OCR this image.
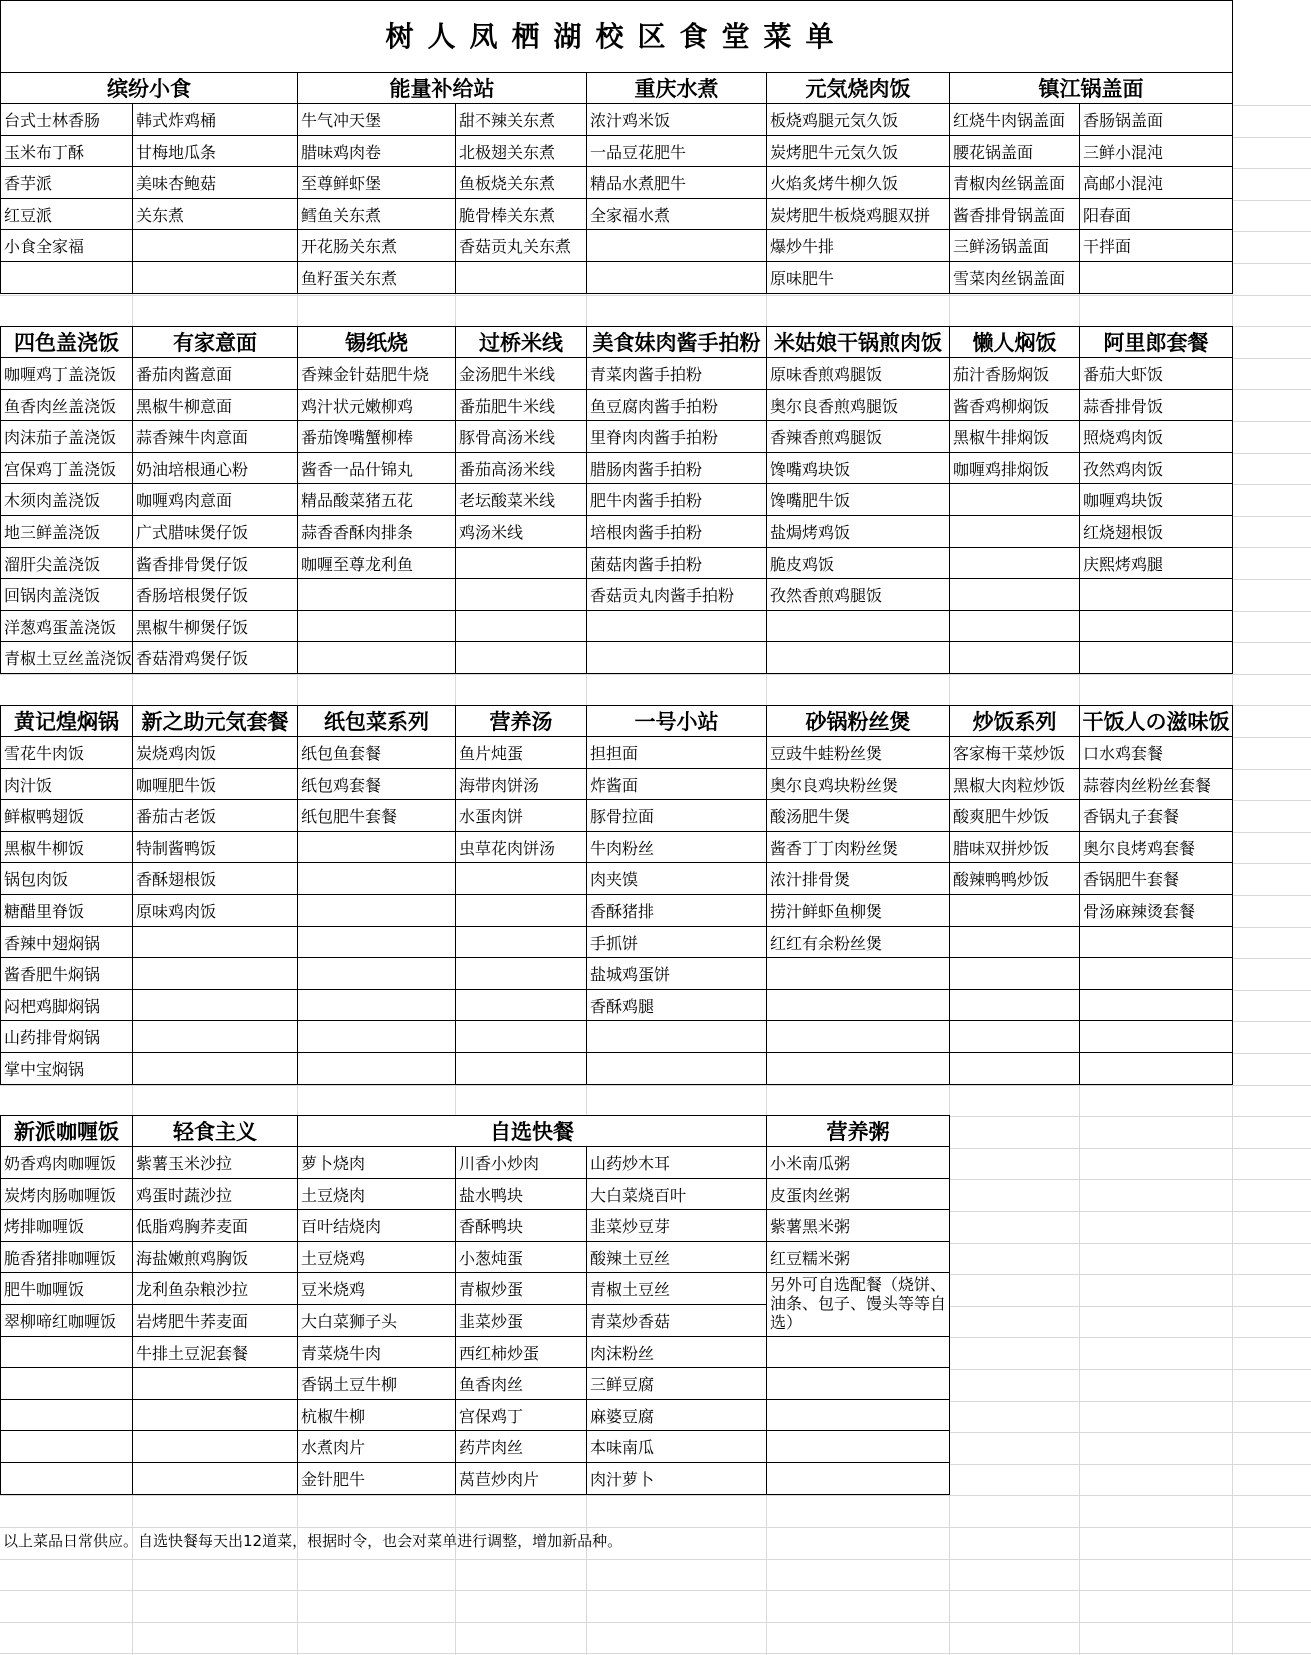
缤纷小食
台式士林香肠
玉米布丁酥
香芋派
红豆派
小食全家福
韩式炸鸡桶
甘梅地瓜条
美味杏鲍菇
关东煮
能量补给站
牛气冲天堡
腊味鸡肉卷
至尊鲜虾堡
鳕鱼关东煮
开花肠关东煮
鱼籽蛋关东煮
甜不辣关东煮
北极翅关东煮
鱼板烧关东煮
脆骨棒关东煮
香菇贡丸关东煮
重庆水煮
浓汁鸡米饭
一品豆花肥牛
精品水煮肥牛
全家福水煮
元気烧肉饭
板烧鸡腿元気久饭
炭烤肥牛元気久饭
火焰炙烤牛柳久饭
炭烤肥牛板烧鸡腿双拼
爆炒牛排
原味肥牛
镇江锅盖面
红烧牛肉锅盖面
腰花锅盖面
青椒肉丝锅盖面
酱香排骨锅盖面
三鲜汤锅盖面
雪菜肉丝锅盖面
香肠锅盖面
三鲜小混沌
高邮小混沌
阳春面
干拌面
四色盖浇饭
咖喱鸡丁盖浇饭
鱼香肉丝盖浇饭
肉沫茄子盖浇饭
宫保鸡丁盖浇饭
木须肉盖浇饭
地三鲜盖浇饭
溜肝尖盖浇饭
回锅肉盖浇饭
洋葱鸡蛋盖浇饭
青椒土豆丝盖浇饭
有家意面
番茄肉酱意面
黑椒牛柳意面
蒜香辣牛肉意面
奶油培根通心粉
咖喱鸡肉意面
广式腊味煲仔饭
酱香排骨煲仔饭
香肠培根煲仔饭
黑椒牛柳煲仔饭
香菇滑鸡煲仔饭
锡纸烧
香辣金针菇肥牛烧
鸡汁状元嫩柳鸡
番茄馋嘴蟹柳棒
酱香一品什锦丸
精品酸菜猪五花
蒜香香酥肉排条
咖喱至尊龙利鱼
过桥米线
金汤肥牛米线
番茄肥牛米线
豚骨高汤米线
番茄高汤米线
老坛酸菜米线
鸡汤米线
美食妹肉酱手拍粉
青菜肉酱手拍粉
鱼豆腐肉酱手拍粉
里脊肉肉酱手拍粉
腊肠肉酱手拍粉
肥牛肉酱手拍粉
培根肉酱手拍粉
菌菇肉酱手拍粉
香菇贡丸肉酱手拍粉
米姑娘干锅煎肉饭
原味香煎鸡腿饭
奥尔良香煎鸡腿饭
香辣香煎鸡腿饭
馋嘴鸡块饭
馋嘴肥牛饭
盐焗烤鸡饭
脆皮鸡饭
孜然香煎鸡腿饭
懒人焖饭
茄汁香肠焖饭
酱香鸡柳焖饭
黑椒牛排焖饭
咖喱鸡排焖饭
阿里郎套餐
番茄大虾饭
蒜香排骨饭
照烧鸡肉饭
孜然鸡肉饭
咖喱鸡块饭
红烧翅根饭
庆熙烤鸡腿
黄记煌焖锅
雪花牛肉饭
肉汁饭
鲜椒鸭翅饭
黑椒牛柳饭
锅包肉饭
糖醋里脊饭
香辣中翅焖锅
酱香肥牛焖锅
闷杷鸡脚焖锅
山药排骨焖锅
掌中宝焖锅
新之助元気套餐
炭烧鸡肉饭
咖喱肥牛饭
番茄古老饭
特制酱鸭饭
香酥翅根饭
原味鸡肉饭
纸包菜系列
纸包鱼套餐
纸包鸡套餐
纸包肥牛套餐
营养汤
鱼片炖蛋
海带肉饼汤
水蛋肉饼
虫草花肉饼汤
一号小站
担担面
炸酱面
豚骨拉面
牛肉粉丝
肉夹馍
香酥猪排
手抓饼
盐城鸡蛋饼
香酥鸡腿
砂锅粉丝煲
豆豉牛蛙粉丝煲
奥尔良鸡块粉丝煲
酸汤肥牛煲
酱香丁丁肉粉丝煲
浓汁排骨煲
捞汁鲜虾鱼柳煲
红红有余粉丝煲
炒饭系列
客家梅干菜炒饭
黑椒大肉粒炒饭
酸爽肥牛炒饭
腊味双拼炒饭
酸辣鸭鸭炒饭
干饭人の滋味饭
口水鸡套餐
蒜蓉肉丝粉丝套餐
香锅丸子套餐
奥尔良烤鸡套餐
香锅肥牛套餐
骨汤麻辣烫套餐
新派咖喱饭
奶香鸡肉咖喱饭
炭烤肉肠咖喱饭
烤排咖喱饭
脆香猪排咖喱饭
肥牛咖喱饭
翠柳啼红咖喱饭
轻食主义
紫薯玉米沙拉
鸡蛋时蔬沙拉
低脂鸡胸荞麦面
海盐嫩煎鸡胸饭
龙利鱼杂粮沙拉
岩烤肥牛荞麦面
牛排土豆泥套餐
自选快餐
萝卜烧肉
土豆烧肉
百叶结烧肉
土豆烧鸡
豆米烧鸡
大白菜狮子头
青菜烧牛肉
香锅土豆牛柳
杭椒牛柳
水煮肉片
金针肥牛
川香小炒肉
盐水鸭块
香酥鸭块
小葱炖蛋
青椒炒蛋
韭菜炒蛋
西红柿炒蛋
鱼香肉丝
宫保鸡丁
药芹肉丝
莴苣炒肉片
山药炒木耳
大白菜烧百叶
韭菜炒豆芽
酸辣土豆丝
青椒土豆丝
青菜炒香菇
肉沫粉丝
三鲜豆腐
麻婆豆腐
本味南瓜
肉汁萝卜
营养粥
小米南瓜粥
皮蛋肉丝粥
紫薯黑米粥
红豆糯米粥
另外可自选配餐（烧饼、油条、包子、馒头等等自选）
树人凤栖湖校区食堂菜单
以上菜品日常供应。自选快餐每天出12道菜，根据时令，也会对菜单进行调整，增加新品种。
